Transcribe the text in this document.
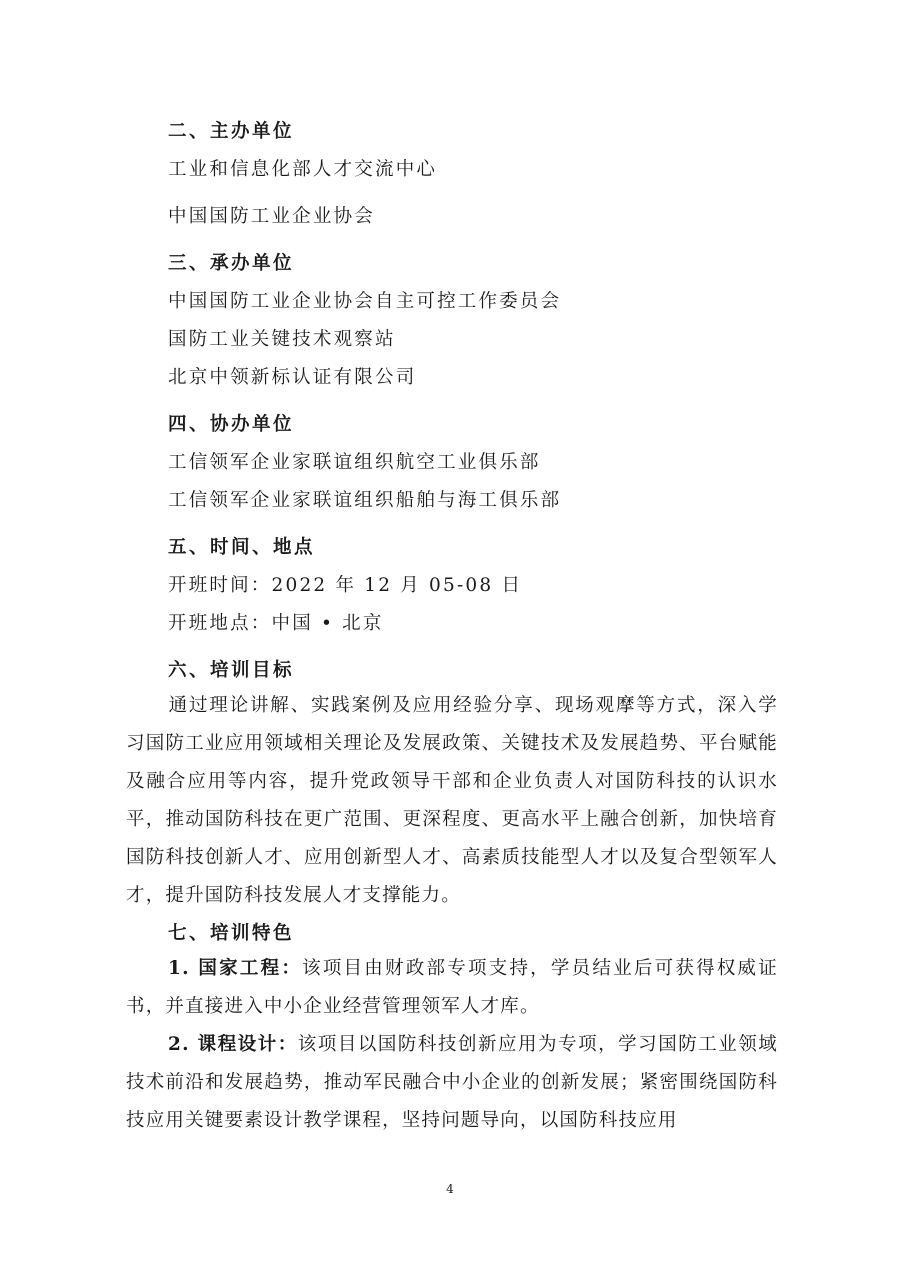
二、主办单位
工业和信息化部人才交流中心
中国国防工业企业协会
三、承办单位
中国国防工业企业协会自主可控工作委员会
国防工业关键技术观察站
北京中领新标认证有限公司
四、协办单位
工信领军企业家联谊组织航空工业俱乐部
工信领军企业家联谊组织船舶与海工俱乐部
五、时间、地点
开班时间：2022 年 12 月 05-08 日
开班地点：中国 • 北京
六、培训目标
通过理论讲解、实践案例及应用经验分享、现场观摩等方式，深入学习国防工业应用领域相关理论及发展政策、关键技术及发展趋势、平台赋能及融合应用等内容，提升党政领导干部和企业负责人对国防科技的认识水平，推动国防科技在更广范围、更深程度、更高水平上融合创新，加快培育国防科技创新人才、应用创新型人才、高素质技能型人才以及复合型领军人才，提升国防科技发展人才支撑能力。
七、培训特色
1. 国家工程：该项目由财政部专项支持，学员结业后可获得权威证书，并直接进入中小企业经营管理领军人才库。
2. 课程设计：该项目以国防科技创新应用为专项，学习国防工业领域技术前沿和发展趋势，推动军民融合中小企业的创新发展；紧密围绕国防科技应用关键要素设计教学课程，坚持问题导向，以国防科技应用
4
